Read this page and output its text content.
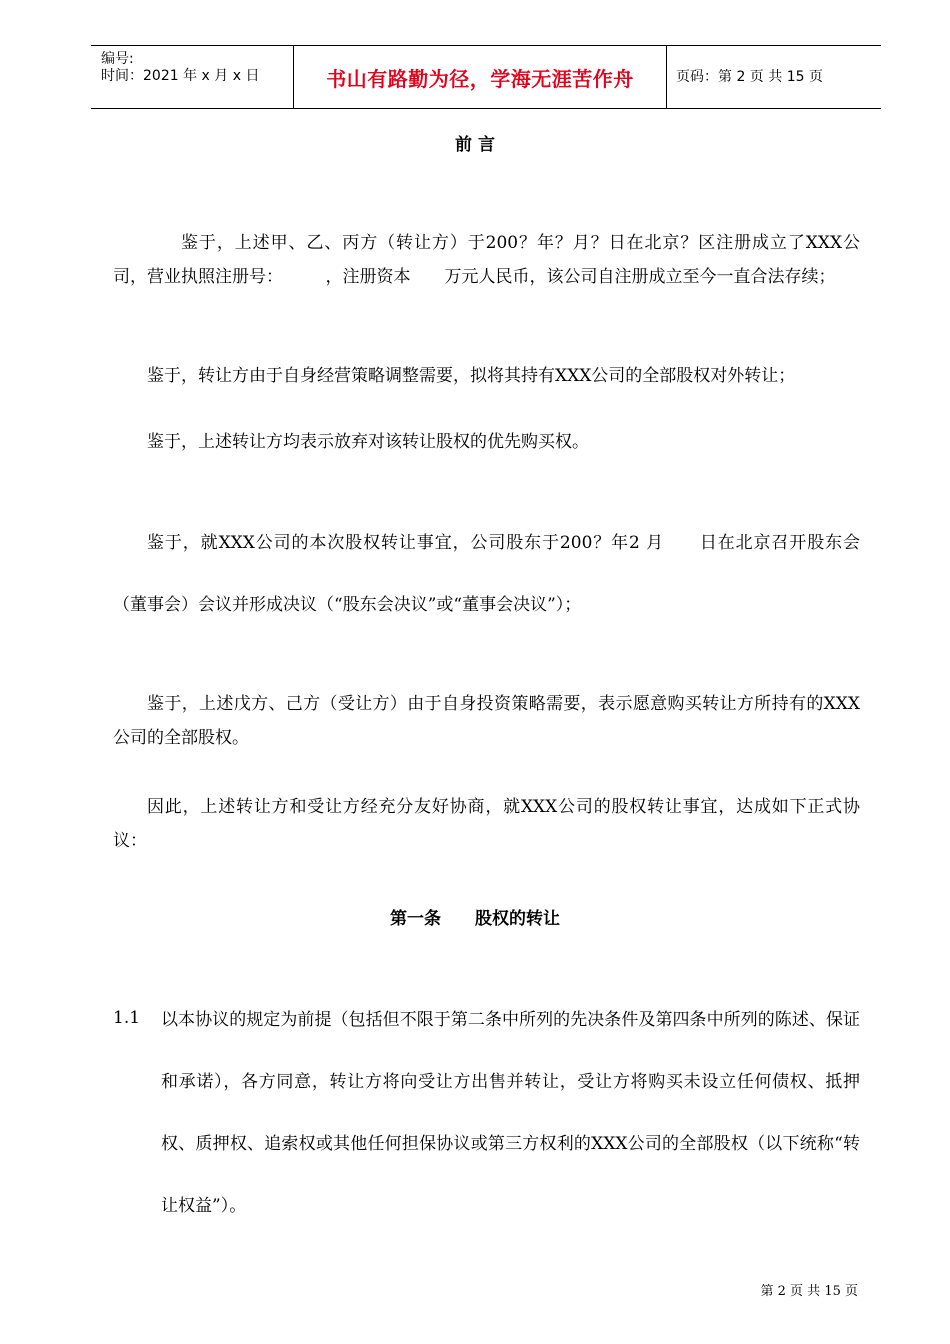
编号:
时间：2021 年 x 月 x 日	书山有路勤为径，学海无涯苦作舟	页码：第 2 页 共 15 页
前 言
鉴于，上述甲、乙、丙方（转让方）于200？年？月？日在北京？区注册成立了XXX公司，营业执照注册号：　　　，注册资本　　万元人民币，该公司自注册成立至今一直合法存续；
鉴于，转让方由于自身经营策略调整需要，拟将其持有XXX公司的全部股权对外转让；
鉴于，上述转让方均表示放弃对该转让股权的优先购买权。
鉴于，就XXX公司的本次股权转让事宜，公司股东于200？年2 月　　日在北京召开股东会（董事会）会议并形成决议（“股东会决议”或“董事会决议”）；
鉴于，上述戊方、己方（受让方）由于自身投资策略需要，表示愿意购买转让方所持有的XXX公司的全部股权。
因此，上述转让方和受让方经充分友好协商，就XXX公司的股权转让事宜，达成如下正式协议：
第一条　　股权的转让
1.1 以本协议的规定为前提（包括但不限于第二条中所列的先决条件及第四条中所列的陈述、保证和承诺），各方同意，转让方将向受让方出售并转让，受让方将购买未设立任何债权、抵押权、质押权、追索权或其他任何担保协议或第三方权利的XXX公司的全部股权（以下统称“转让权益”）。
第 2 页 共 15 页
